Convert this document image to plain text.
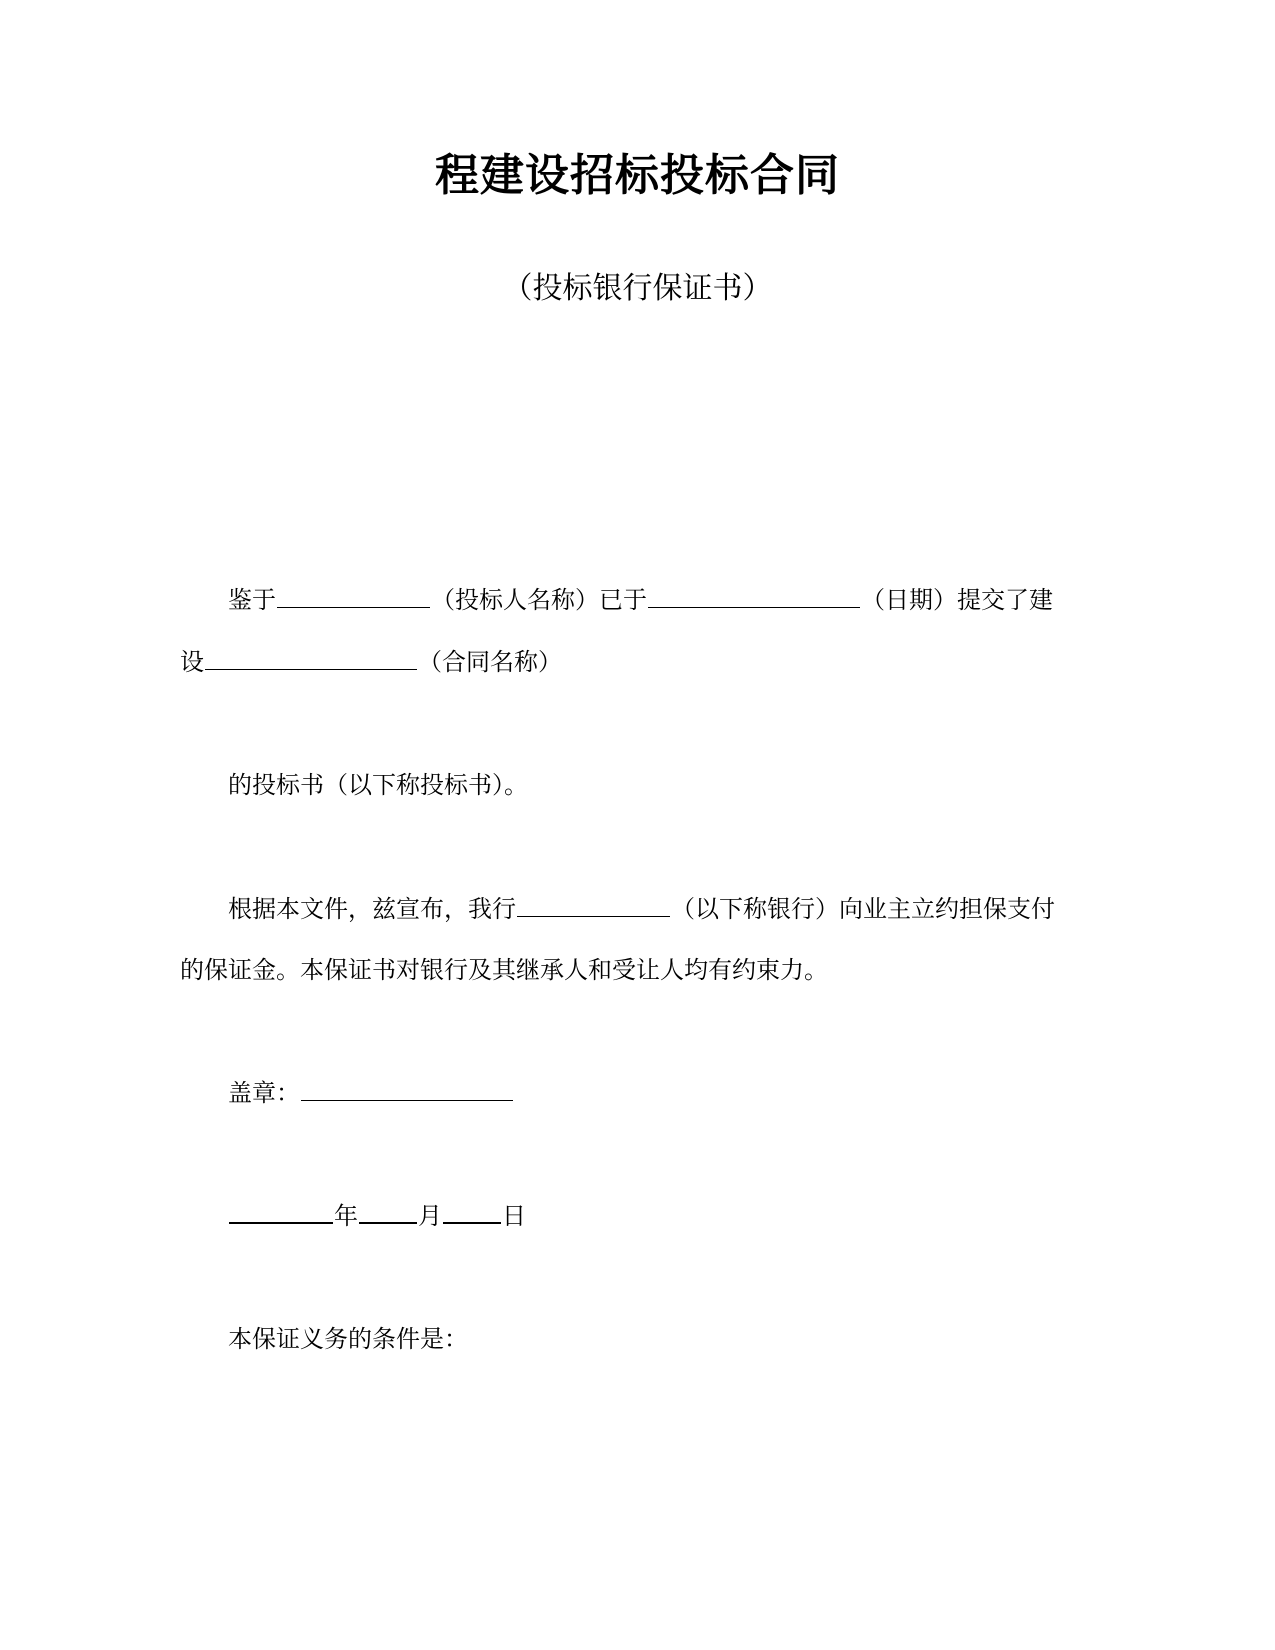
程建设招标投标合同
（投标银行保证书）
鉴于	（投标人名称）已于	（日期）提交了建
设	（合同名称）
的投标书（以下称投标书）。
根据本文件，兹宣布，我行	（以下称银行）向业主立约担保支付
的保证金。本保证书对银行及其继承人和受让人均有约束力。
盖章：
年	月	日
本保证义务的条件是：
